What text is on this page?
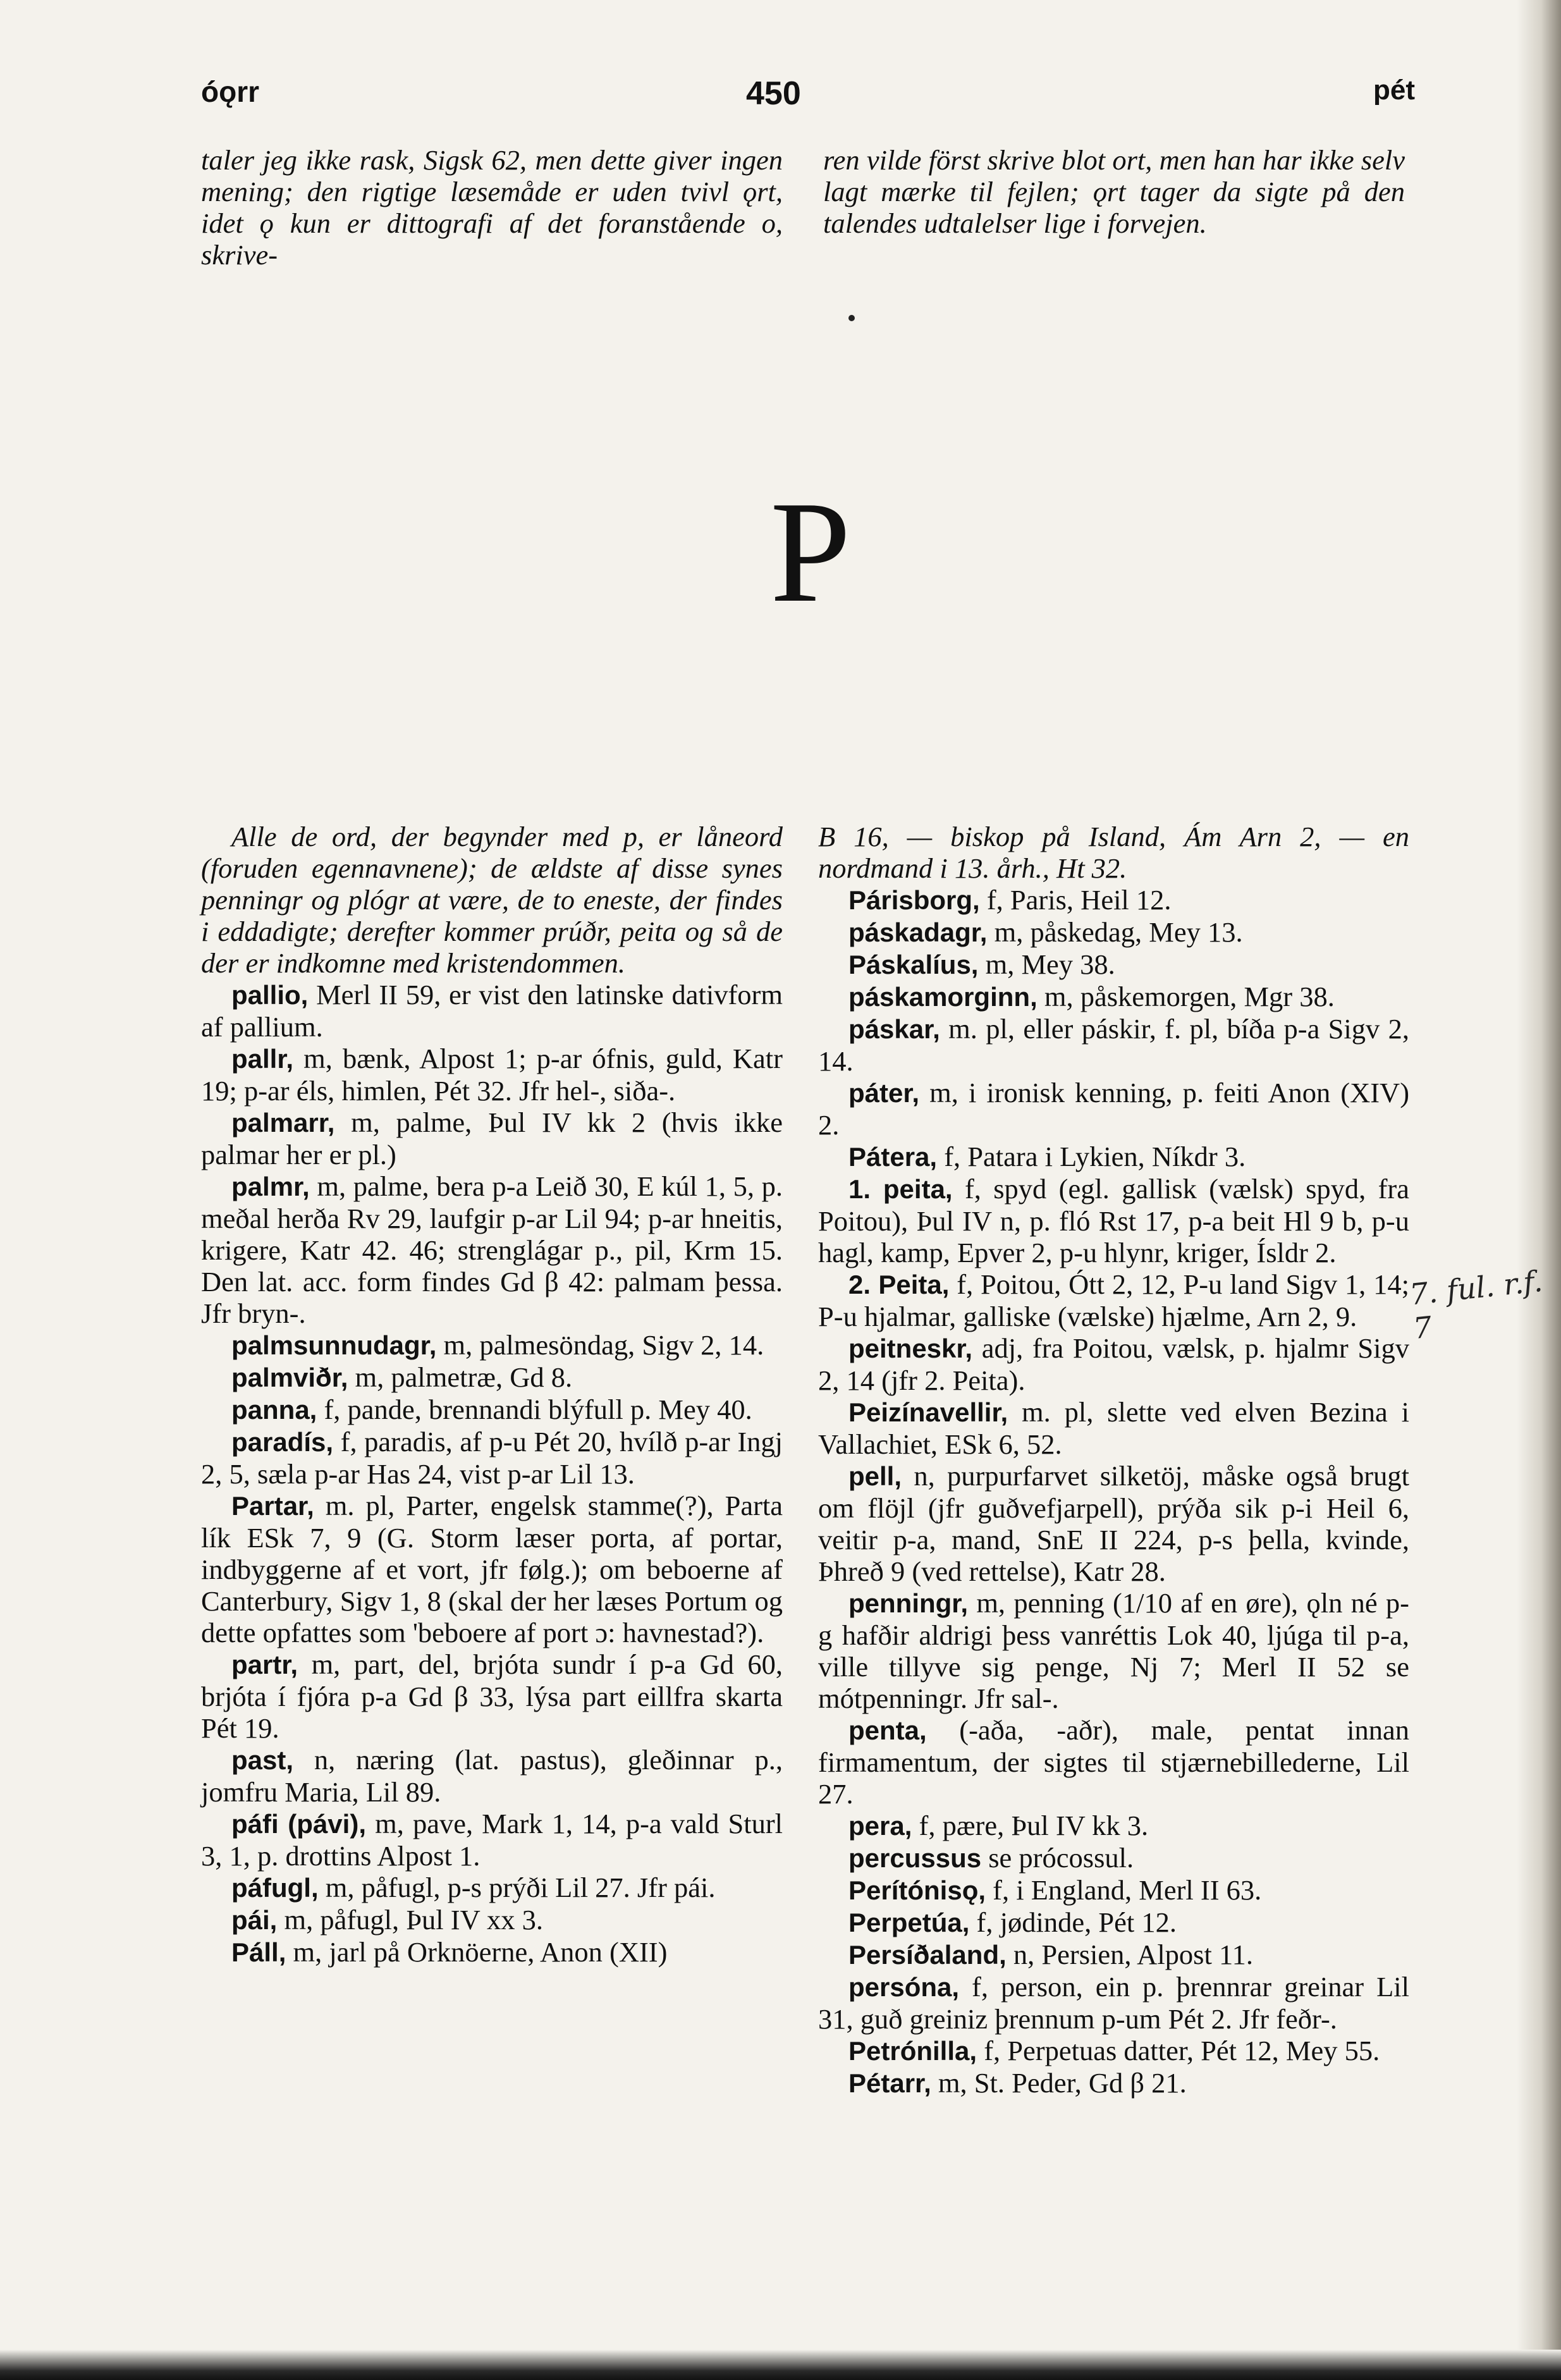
óǫrr	450	pét

taler jeg ikke rask, Sigsk 62, men dette giver ingen mening; den rigtige læsemåde er uden tvivl ǫrt, idet ǫ kun er dittografi af det foranstående o, skrive-

ren vilde först skrive blot ort, men han har ikke selv lagt mærke til fejlen; ǫrt tager da sigte på den talendes udtalelser lige i forvejen.

P

Alle de ord, der begynder med p, er låneord (foruden egennavnene); de ældste af disse synes penningr og plógr at være, de to eneste, der findes i eddadigte; derefter kommer prúðr, peita og så de der er indkomne med kristendommen.

pallio, Merl II 59, er vist den latinske dativform af pallium.

pallr, m, bænk, Alpost 1; p-ar ófnis, guld, Katr 19; p-ar éls, himlen, Pét 32. Jfr hel-, siða-.

palmarr, m, palme, Þul IV kk 2 (hvis ikke palmar her er pl.)

palmr, m, palme, bera p-a Leið 30, E kúl 1, 5, p. meðal herða Rv 29, laufgir p-ar Lil 94; p-ar hneitis, krigere, Katr 42. 46; strenglágar p., pil, Krm 15. Den lat. acc. form findes Gd β 42: palmam þessa. Jfr bryn-.

palmsunnudagr, m, palmesöndag, Sigv 2, 14.

palmviðr, m, palmetræ, Gd 8.

panna, f, pande, brennandi blýfull p. Mey 40.

paradís, f, paradis, af p-u Pét 20, hvílð p-ar Ingj 2, 5, sæla p-ar Has 24, vist p-ar Lil 13.

Partar, m. pl, Parter, engelsk stamme(?), Parta lík ESk 7, 9 (G. Storm læser porta, af portar, indbyggerne af et vort, jfr følg.); om beboerne af Canterbury, Sigv 1, 8 (skal der her læses Portum og dette opfattes som 'beboere af port ɔ: havnestad?).

partr, m, part, del, brjóta sundr í p-a Gd 60, brjóta í fjóra p-a Gd β 33, lýsa part eillfra skarta Pét 19.

past, n, næring (lat. pastus), gleðinnar p., jomfru Maria, Lil 89.

páfi (pávi), m, pave, Mark 1, 14, p-a vald Sturl 3, 1, p. drottins Alpost 1.

páfugl, m, påfugl, p-s prýði Lil 27. Jfr pái.

pái, m, påfugl, Þul IV xx 3.

Páll, m, jarl på Orknöerne, Anon (XII)

B 16, — biskop på Island, Ám Arn 2, — en nordmand i 13. årh., Ht 32.

Párisborg, f, Paris, Heil 12.

páskadagr, m, påskedag, Mey 13.

Páskalíus, m, Mey 38.

páskamorginn, m, påskemorgen, Mgr 38.

páskar, m. pl, eller páskir, f. pl, bíða p-a Sigv 2, 14.

páter, m, i ironisk kenning, p. feiti Anon (XIV) 2.

Pátera, f, Patara i Lykien, Níkdr 3.

1. peita, f, spyd (egl. gallisk (vælsk) spyd, fra Poitou), Þul IV n, p. fló Rst 17, p-a beit Hl 9 b, p-u hagl, kamp, Epver 2, p-u hlynr, kriger, Ísldr 2.

2. Peita, f, Poitou, Ótt 2, 12, P-u land Sigv 1, 14; P-u hjalmar, galliske (vælske) hjælme, Arn 2, 9.

peitneskr, adj, fra Poitou, vælsk, p. hjalmr Sigv 2, 14 (jfr 2. Peita).

Peizínavellir, m. pl, slette ved elven Bezina i Vallachiet, ESk 6, 52.

pell, n, purpurfarvet silketöj, måske også brugt om flöjl (jfr guðvefjarpell), prýða sik p-i Heil 6, veitir p-a, mand, SnE II 224, p-s þella, kvinde, Þhreð 9 (ved rettelse), Katr 28.

penningr, m, penning (1/10 af en øre), ǫln né p-g hafðir aldrigi þess vanréttis Lok 40, ljúga til p-a, ville tillyve sig penge, Nj 7; Merl II 52 se mótpenningr. Jfr sal-.

penta, (-aða, -aðr), male, pentat innan firmamentum, der sigtes til stjærnebillederne, Lil 27.

pera, f, pære, Þul IV kk 3.

percussus se prócossul.

Perítónisǫ, f, i England, Merl II 63.

Perpetúa, f, jødinde, Pét 12.

Persíðaland, n, Persien, Alpost 11.

persóna, f, person, ein p. þrennrar greinar Lil 31, guð greiniz þrennum p-um Pét 2. Jfr feðr-.

Petrónilla, f, Perpetuas datter, Pét 12, Mey 55.

Pétarr, m, St. Peder, Gd β 21.

7. ful. r.f. 7
